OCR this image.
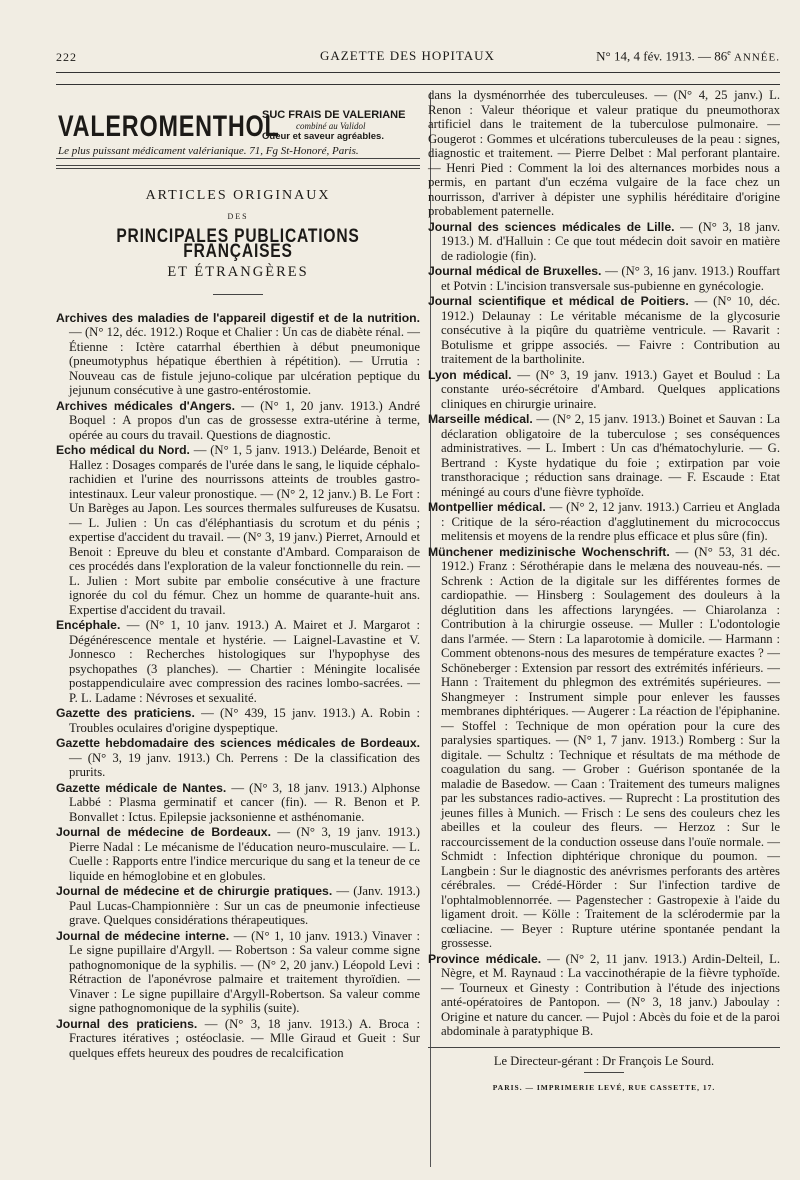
222	GAZETTE DES HOPITAUX	N° 14, 4 fév. 1913. — 86e ANNÉE.
VALEROMENTHOL
SUC FRAIS DE VALERIANE
combiné au Validol
Odeur et saveur agréables.
Le plus puissant médicament valérianique. 71, Fg St-Honoré, Paris.
ARTICLES ORIGINAUX
DES
PRINCIPALES PUBLICATIONS FRANÇAISES
ET ÉTRANGÈRES
Archives des maladies de l'appareil digestif et de la nutrition. — (N° 12, déc. 1912.) Roque et Chalier : Un cas de diabète rénal. — Étienne : Ictère catarrhal éberthien à début pneumonique (pneumotyphus hépatique éberthien à répétition). — Urrutia : Nouveau cas de fistule jejuno-colique par ulcération peptique du jejunum consécutive à une gastro-entérostomie.
Archives médicales d'Angers. — (N° 1, 20 janv. 1913.) André Boquel : A propos d'un cas de grossesse extra-utérine à terme, opérée au cours du travail. Questions de diagnostic.
Echo médical du Nord. — (N° 1, 5 janv. 1913.) Deléarde, Benoit et Hallez : Dosages comparés de l'urée dans le sang, le liquide céphalo-rachidien et l'urine des nourrissons atteints de troubles gastro-intestinaux. Leur valeur pronostique. — (N° 2, 12 janv.) B. Le Fort : Un Barèges au Japon. Les sources thermales sulfureuses de Kusatsu. — L. Julien : Un cas d'éléphantiasis du scrotum et du pénis ; expertise d'accident du travail. — (N° 3, 19 janv.) Pierret, Arnould et Benoit : Epreuve du bleu et constante d'Ambard. Comparaison de ces procédés dans l'exploration de la valeur fonctionnelle du rein. — L. Julien : Mort subite par embolie consécutive à une fracture ignorée du col du fémur. Chez un homme de quarante-huit ans. Expertise d'accident du travail.
Encéphale. — (N° 1, 10 janv. 1913.) A. Mairet et J. Margarot : Dégénérescence mentale et hystérie. — Laignel-Lavastine et V. Jonnesco : Recherches histologiques sur l'hypophyse des psychopathes (3 planches). — Chartier : Méningite localisée postappendiculaire avec compression des racines lombo-sacrées. — P. L. Ladame : Névroses et sexualité.
Gazette des praticiens. — (N° 439, 15 janv. 1913.) A. Robin : Troubles oculaires d'origine dyspeptique.
Gazette hebdomadaire des sciences médicales de Bordeaux. — (N° 3, 19 janv. 1913.) Ch. Perrens : De la classification des prurits.
Gazette médicale de Nantes. — (N° 3, 18 janv. 1913.) Alphonse Labbé : Plasma germinatif et cancer (fin). — R. Benon et P. Bonvallet : Ictus. Epilepsie jacksonienne et asthénomanie.
Journal de médecine de Bordeaux. — (N° 3, 19 janv. 1913.) Pierre Nadal : Le mécanisme de l'éducation neuro-musculaire. — L. Cuelle : Rapports entre l'indice mercurique du sang et la teneur de ce liquide en hémoglobine et en globules.
Journal de médecine et de chirurgie pratiques. — (Janv. 1913.) Paul Lucas-Championnière : Sur un cas de pneumonie infectieuse grave. Quelques considérations thérapeutiques.
Journal de médecine interne. — (N° 1, 10 janv. 1913.) Vinaver : Le signe pupillaire d'Argyll. — Robertson : Sa valeur comme signe pathognomonique de la syphilis. — (N° 2, 20 janv.) Léopold Levi : Rétraction de l'aponévrose palmaire et traitement thyroïdien. — Vinaver : Le signe pupillaire d'Argyll-Robertson. Sa valeur comme signe pathognomonique de la syphilis (suite).
Journal des praticiens. — (N° 3, 18 janv. 1913.) A. Broca : Fractures itératives ; ostéoclasie. — Mlle Giraud et Gueit : Sur quelques effets heureux des poudres de recalcification
dans la dysménorrhée des tuberculeuses. — (N° 4, 25 janv.) L. Renon : Valeur théorique et valeur pratique du pneumothorax artificiel dans le traitement de la tuberculose pulmonaire. — Gougerot : Gommes et ulcérations tuberculeuses de la peau : signes, diagnostic et traitement. — Pierre Delbet : Mal perforant plantaire. — Henri Pied : Comment la loi des alternances morbides nous a permis, en partant d'un eczéma vulgaire de la face chez un nourrisson, d'arriver à dépister une syphilis héréditaire d'origine probablement paternelle.
Journal des sciences médicales de Lille. — (N° 3, 18 janv. 1913.) M. d'Halluin : Ce que tout médecin doit savoir en matière de radiologie (fin).
Journal médical de Bruxelles. — (N° 3, 16 janv. 1913.) Rouffart et Potvin : L'incision transversale sus-pubienne en gynécologie.
Journal scientifique et médical de Poitiers. — (N° 10, déc. 1912.) Delaunay : Le véritable mécanisme de la glycosurie consécutive à la piqûre du quatrième ventricule. — Ravarit : Botulisme et grippe associés. — Faivre : Contribution au traitement de la bartholinite.
Lyon médical. — (N° 3, 19 janv. 1913.) Gayet et Boulud : La constante uréo-sécrétoire d'Ambard. Quelques applications cliniques en chirurgie urinaire.
Marseille médical. — (N° 2, 15 janv. 1913.) Boinet et Sauvan : La déclaration obligatoire de la tuberculose ; ses conséquences administratives. — L. Imbert : Un cas d'hématochylurie. — G. Bertrand : Kyste hydatique du foie ; extirpation par voie transthoracique ; réduction sans drainage. — F. Escaude : Etat méningé au cours d'une fièvre typhoïde.
Montpellier médical. — (N° 2, 12 janv. 1913.) Carrieu et Anglada : Critique de la séro-réaction d'agglutinement du micrococcus melitensis et moyens de la rendre plus efficace et plus sûre (fin).
Münchener medizinische Wochenschrift. — (N° 53, 31 déc. 1912.) Franz : Sérothérapie dans le melæna des nouveau-nés. — Schrenk : Action de la digitale sur les différentes formes de cardiopathie. — Hinsberg : Soulagement des douleurs à la déglutition dans les affections laryngées. — Chiarolanza : Contribution à la chirurgie osseuse. — Muller : L'odontologie dans l'armée. — Stern : La laparotomie à domicile. — Harmann : Comment obtenons-nous des mesures de température exactes ? — Schöneberger : Extension par ressort des extrémités inférieurs. — Hann : Traitement du phlegmon des extrémités supérieures. — Shangmeyer : Instrument simple pour enlever les fausses membranes diphtériques. — Augerer : La réaction de l'épiphanine. — Stoffel : Technique de mon opération pour la cure des paralysies spartiques. — (N° 1, 7 janv. 1913.) Romberg : Sur la digitale. — Schultz : Technique et résultats de ma méthode de coagulation du sang. — Grober : Guérison spontanée de la maladie de Basedow. — Caan : Traitement des tumeurs malignes par les substances radio-actives. — Ruprecht : La prostitution des jeunes filles à Munich. — Frisch : Le sens des couleurs chez les abeilles et la couleur des fleurs. — Herzoz : Sur le raccourcissement de la conduction osseuse dans l'ouïe normale. — Schmidt : Infection diphtérique chronique du poumon. — Langbein : Sur le diagnostic des anévrismes perforants des artères cérébrales. — Crédé-Hörder : Sur l'infection tardive de l'ophtalmoblennorrée. — Pagenstecher : Gastropexie à l'aide du ligament droit. — Kölle : Traitement de la sclérodermie par la cœliacine. — Beyer : Rupture utérine spontanée pendant la grossesse.
Province médicale. — (N° 2, 11 janv. 1913.) Ardin-Delteil, L. Nègre, et M. Raynaud : La vaccinothérapie de la fièvre typhoïde. — Tourneux et Ginesty : Contribution à l'étude des injections anté-opératoires de Pantopon. — (N° 3, 18 janv.) Jaboulay : Origine et nature du cancer. — Pujol : Abcès du foie et de la paroi abdominale à paratyphique B.
Le Directeur-gérant : Dr François Le Sourd.
PARIS. — IMPRIMERIE LEVÉ, RUE CASSETTE, 17.
